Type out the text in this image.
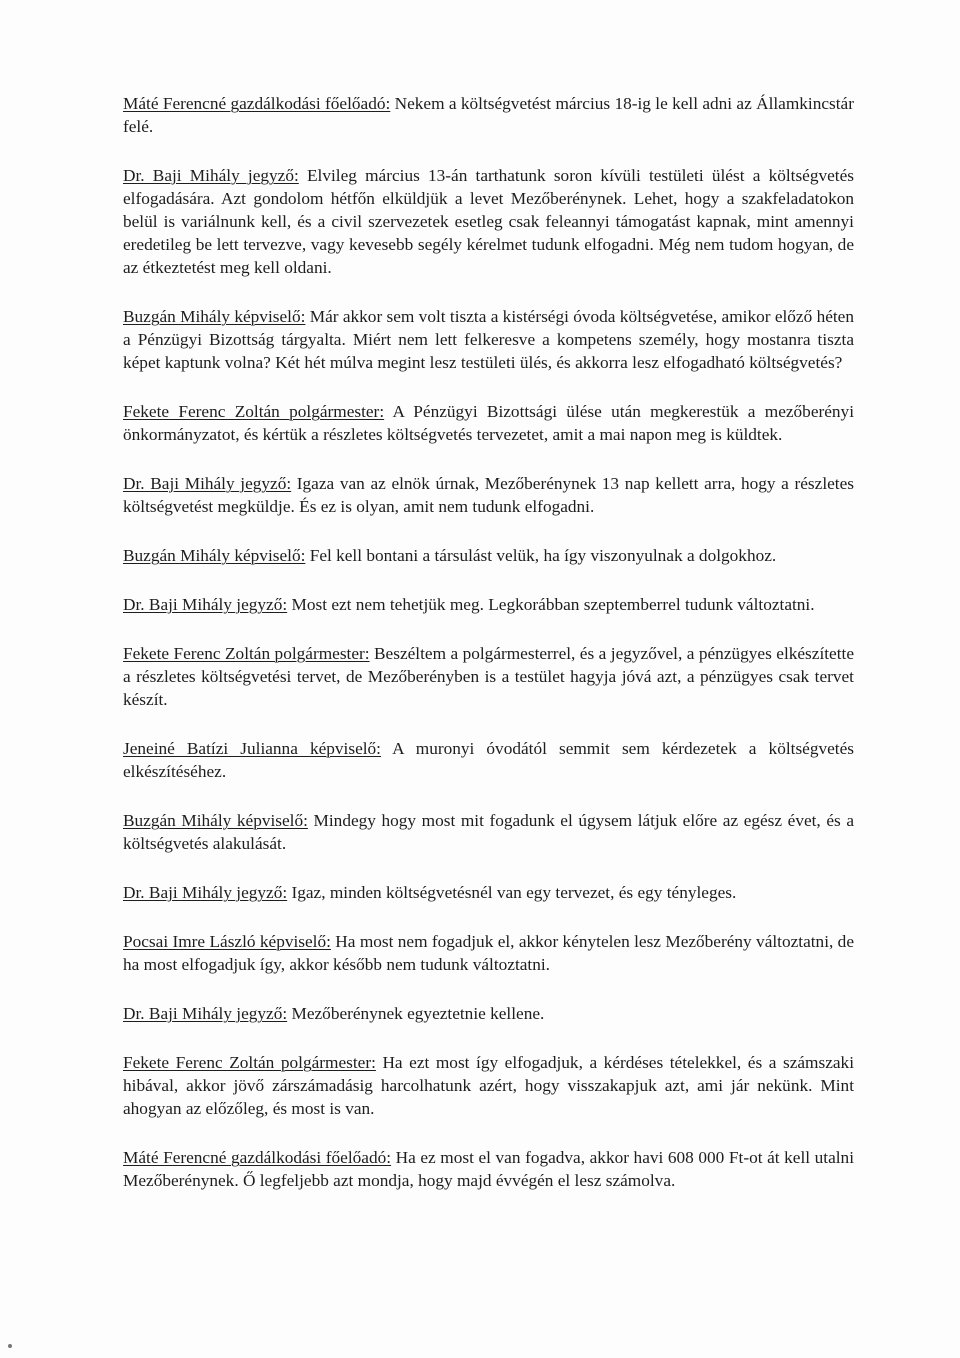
Máté Ferencné gazdálkodási főelőadó: Nekem a költségvetést március 18-ig le kell adni az Államkincstár felé.

Dr. Baji Mihály jegyző: Elvileg március 13-án tarthatunk soron kívüli testületi ülést a költségvetés elfogadására. Azt gondolom hétfőn elküldjük a levet Mezőberénynek. Lehet, hogy a szakfeladatokon belül is variálnunk kell, és a civil szervezetek esetleg csak feleannyi támogatást kapnak, mint amennyi eredetileg be lett tervezve, vagy kevesebb segély kérelmet tudunk elfogadni. Még nem tudom hogyan, de az étkeztetést meg kell oldani.

Buzgán Mihály képviselő: Már akkor sem volt tiszta a kistérségi óvoda költségvetése, amikor előző héten a Pénzügyi Bizottság tárgyalta. Miért nem lett felkeresve a kompetens személy, hogy mostanra tiszta képet kaptunk volna? Két hét múlva megint lesz testületi ülés, és akkorra lesz elfogadható költségvetés?

Fekete Ferenc Zoltán polgármester: A Pénzügyi Bizottsági ülése után megkerestük a mezőberényi önkormányzatot, és kértük a részletes költségvetés tervezetet, amit a mai napon meg is küldtek.

Dr. Baji Mihály jegyző: Igaza van az elnök úrnak, Mezőberénynek 13 nap kellett arra, hogy a részletes költségvetést megküldje. És ez is olyan, amit nem tudunk elfogadni.

Buzgán Mihály képviselő: Fel kell bontani a társulást velük, ha így viszonyulnak a dolgokhoz.

Dr. Baji Mihály jegyző: Most ezt nem tehetjük meg. Legkorábban szeptemberrel tudunk változtatni.

Fekete Ferenc Zoltán polgármester: Beszéltem a polgármesterrel, és a jegyzővel, a pénzügyes elkészítette a részletes költségvetési tervet, de Mezőberényben is a testület hagyja jóvá azt, a pénzügyes csak tervet készít.

Jeneiné Batízi Julianna képviselő: A muronyi óvodától semmit sem kérdezetek a költségvetés elkészítéséhez.

Buzgán Mihály képviselő: Mindegy hogy most mit fogadunk el úgysem látjuk előre az egész évet, és a költségvetés alakulását.

Dr. Baji Mihály jegyző: Igaz, minden költségvetésnél van egy tervezet, és egy tényleges.

Pocsai Imre László képviselő: Ha most nem fogadjuk el, akkor kénytelen lesz Mezőberény változtatni, de ha most elfogadjuk így, akkor később nem tudunk változtatni.

Dr. Baji Mihály jegyző: Mezőberénynek egyeztetnie kellene.

Fekete Ferenc Zoltán polgármester: Ha ezt most így elfogadjuk, a kérdéses tételekkel, és a számszaki hibával, akkor jövő zárszámadásig harcolhatunk azért, hogy visszakapjuk azt, ami jár nekünk. Mint ahogyan az előzőleg, és most is van.

Máté Ferencné gazdálkodási főelőadó: Ha ez most el van fogadva, akkor havi 608 000 Ft-ot át kell utalni Mezőberénynek. Ő legfeljebb azt mondja, hogy majd évvégén el lesz számolva.
